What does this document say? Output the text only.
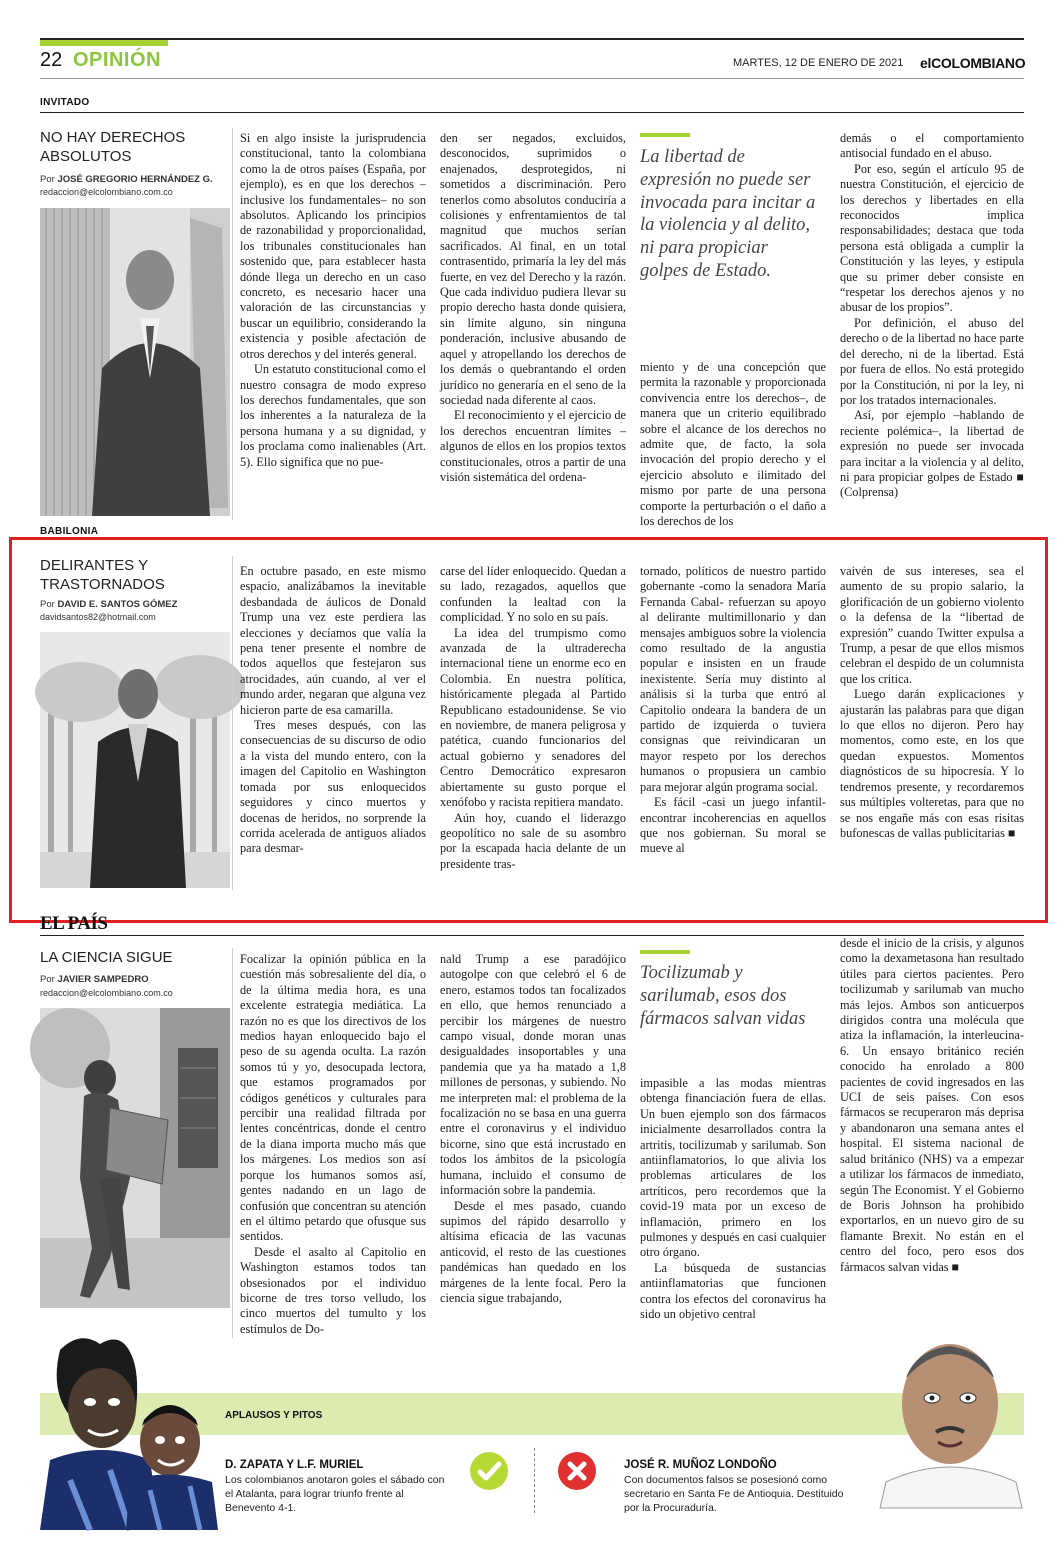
22 OPINIÓN	MARTES, 12 DE ENERO DE 2021 elCOLOMBIANO
INVITADO
NO HAY DERECHOS ABSOLUTOS
Por JOSÉ GREGORIO HERNÁNDEZ G.
redaccion@elcolombiano.com.co

Si en algo insiste la jurisprudencia constitucional, tanto la colombiana como la de otros países (España, por ejemplo), es en que los derechos –inclusive los fundamentales– no son absolutos. Aplicando los principios de razonabilidad y proporcionalidad, los tribunales constitucionales han sostenido que, para establecer hasta dónde llega un derecho en un caso concreto, es necesario hacer una valoración de las circunstancias y buscar un equilibrio, considerando la existencia y posible afectación de otros derechos y del interés general.

Un estatuto constitucional como el nuestro consagra de modo expreso los derechos fundamentales, que son los inherentes a la naturaleza de la persona humana y a su dignidad, y los proclama como inalienables (Art. 5). Ello significa que no pue-

den ser negados, excluidos, desconocidos, suprimidos o enajenados, desprotegidos, ni sometidos a discriminación. Pero tenerlos como absolutos conduciría a colisiones y enfrentamientos de tal magnitud que muchos serían sacrificados. Al final, en un total contrasentido, primaría la ley del más fuerte, en vez del Derecho y la razón. Que cada individuo pudiera llevar su propio derecho hasta donde quisiera, sin límite alguno, sin ninguna ponderación, inclusive abusando de aquel y atropellando los derechos de los demás o quebrantando el orden jurídico no generaría en el seno de la sociedad nada diferente al caos.

El reconocimiento y el ejercicio de los derechos encuentran límites –algunos de ellos en los propios textos constitucionales, otros a partir de una visión sistemática del ordena-

La libertad de expresión no puede ser invocada para incitar a la violencia y al delito, ni para propiciar golpes de Estado.

miento y de una concepción que permita la razonable y proporcionada convivencia entre los derechos–, de manera que un criterio equilibrado sobre el alcance de los derechos no admite que, de facto, la sola invocación del propio derecho y el ejercicio absoluto e ilimitado del mismo por parte de una persona comporte la perturbación o el daño a los derechos de los

demás o el comportamiento antisocial fundado en el abuso.

Por eso, según el artículo 95 de nuestra Constitución, el ejercicio de los derechos y libertades en ella reconocidos implica responsabilidades; destaca que toda persona está obligada a cumplir la Constitución y las leyes, y estipula que su primer deber consiste en “respetar los derechos ajenos y no abusar de los propios”.

Por definición, el abuso del derecho o de la libertad no hace parte del derecho, ni de la libertad. Está por fuera de ellos. No está protegido por la Constitución, ni por la ley, ni por los tratados internacionales.

Así, por ejemplo –hablando de reciente polémica–, la libertad de expresión no puede ser invocada para incitar a la violencia y al delito, ni para propiciar golpes de Estado ■ (Colprensa)

BABILONIA
DELIRANTES Y TRASTORNADOS
Por DAVID E. SANTOS GÓMEZ
davidsantos82@hotmail.com

En octubre pasado, en este mismo espacio, analizábamos la inevitable desbandada de áulicos de Donald Trump una vez este perdiera las elecciones y decíamos que valía la pena tener presente el nombre de todos aquellos que festejaron sus atrocidades, aún cuando, al ver el mundo arder, negaran que alguna vez hicieron parte de esa camarilla.

Tres meses después, con las consecuencias de su discurso de odio a la vista del mundo entero, con la imagen del Capitolio en Washington tomada por sus enloquecidos seguidores y cinco muertos y docenas de heridos, no sorprende la corrida acelerada de antiguos aliados para desmar-

carse del líder enloquecido. Quedan a su lado, rezagados, aquellos que confunden la lealtad con la complicidad. Y no solo en su país.

La idea del trumpismo como avanzada de la ultraderecha internacional tiene un enorme eco en Colombia. En nuestra política, históricamente plegada al Partido Republicano estadounidense. Se vio en noviembre, de manera peligrosa y patética, cuando funcionarios del actual gobierno y senadores del Centro Democrático expresaron abiertamente su gusto porque el xenófobo y racista repitiera mandato.

Aún hoy, cuando el liderazgo geopolítico no sale de su asombro por la escapada hacia delante de un presidente tras-

tornado, políticos de nuestro partido gobernante -como la senadora María Fernanda Cabal- refuerzan su apoyo al delirante multimillonario y dan mensajes ambiguos sobre la violencia como resultado de la angustia popular e insisten en un fraude inexistente. Sería muy distinto al análisis si la turba que entró al Capitolio ondeara la bandera de un partido de izquierda o tuviera consignas que reivindicaran un mayor respeto por los derechos humanos o propusiera un cambio para mejorar algún programa social.

Es fácil -casi un juego infantil- encontrar incoherencias en aquellos que nos gobiernan. Su moral se mueve al

vaivén de sus intereses, sea el aumento de su propio salario, la glorificación de un gobierno violento o la defensa de la “libertad de expresión” cuando Twitter expulsa a Trump, a pesar de que ellos mismos celebran el despido de un columnista que los critica.

Luego darán explicaciones y ajustarán las palabras para que digan lo que ellos no dijeron. Pero hay momentos, como este, en los que quedan expuestos. Momentos diagnósticos de su hipocresía. Y lo tendremos presente, y recordaremos sus múltiples volteretas, para que no se nos engañe más con esas risitas bufonescas de vallas publicitarias ■

EL PAÍS
LA CIENCIA SIGUE
Por JAVIER SAMPEDRO
redaccion@elcolombiano.com.co

Focalizar la opinión pública en la cuestión más sobresaliente del día, o de la última media hora, es una excelente estrategia mediática. La razón no es que los directivos de los medios hayan enloquecido bajo el peso de su agenda oculta. La razón somos tú y yo, desocupada lectora, que estamos programados por códigos genéticos y culturales para percibir una realidad filtrada por lentes concéntricas, donde el centro de la diana importa mucho más que los márgenes. Los medios son así porque los humanos somos así, gentes nadando en un lago de confusión que concentran su atención en el último petardo que ofusque sus sentidos.

Desde el asalto al Capitolio en Washington estamos todos tan obsesionados por el individuo bicorne de tres torso velludo, los cinco muertos del tumulto y los estímulos de Do-

nald Trump a ese paradójico autogolpe con que celebró el 6 de enero, estamos todos tan focalizados en ello, que hemos renunciado a percibir los márgenes de nuestro campo visual, donde moran unas desigualdades insoportables y una pandemia que ya ha matado a 1,8 millones de personas, y subiendo. No me interpreten mal: el problema de la focalización no se basa en una guerra entre el coronavirus y el individuo bicorne, sino que está incrustado en todos los ámbitos de la psicología humana, incluido el consumo de información sobre la pandemia.

Desde el mes pasado, cuando supimos del rápido desarrollo y altísima eficacia de las vacunas anticovid, el resto de las cuestiones pandémicas han quedado en los márgenes de la lente focal. Pero la ciencia sigue trabajando,

Tocilizumab y sarilumab, esos dos fármacos salvan vidas

impasible a las modas mientras obtenga financiación fuera de ellas. Un buen ejemplo son dos fármacos inicialmente desarrollados contra la artritis, tocilizumab y sarilumab. Son antiinflamatorios, lo que alivia los problemas articulares de los artríticos, pero recordemos que la covid-19 mata por un exceso de inflamación, primero en los pulmones y después en casi cualquier otro órgano.

La búsqueda de sustancias antiinflamatorias que funcionen contra los efectos del coronavirus ha sido un objetivo central

desde el inicio de la crisis, y algunos como la dexametasona han resultado útiles para ciertos pacientes. Pero tocilizumab y sarilumab van mucho más lejos. Ambos son anticuerpos dirigidos contra una molécula que atiza la inflamación, la interleucina-6. Un ensayo británico recién conocido ha enrolado a 800 pacientes de covid ingresados en las UCI de seis países. Con esos fármacos se recuperaron más deprisa y abandonaron una semana antes el hospital. El sistema nacional de salud británico (NHS) va a empezar a utilizar los fármacos de inmediato, según The Economist. Y el Gobierno de Boris Johnson ha prohibido exportarlos, en un nuevo giro de su flamante Brexit. No están en el centro del foco, pero esos dos fármacos salvan vidas ■

APLAUSOS Y PITOS
D. ZAPATA Y L.F. MURIEL
Los colombianos anotaron goles el sábado con el Atalanta, para lograr triunfo frente al Benevento 4-1.
JOSÉ R. MUÑOZ LONDOÑO
Con documentos falsos se posesionó como secretario en Santa Fe de Antioquia. Destituido por la Procuraduría.
